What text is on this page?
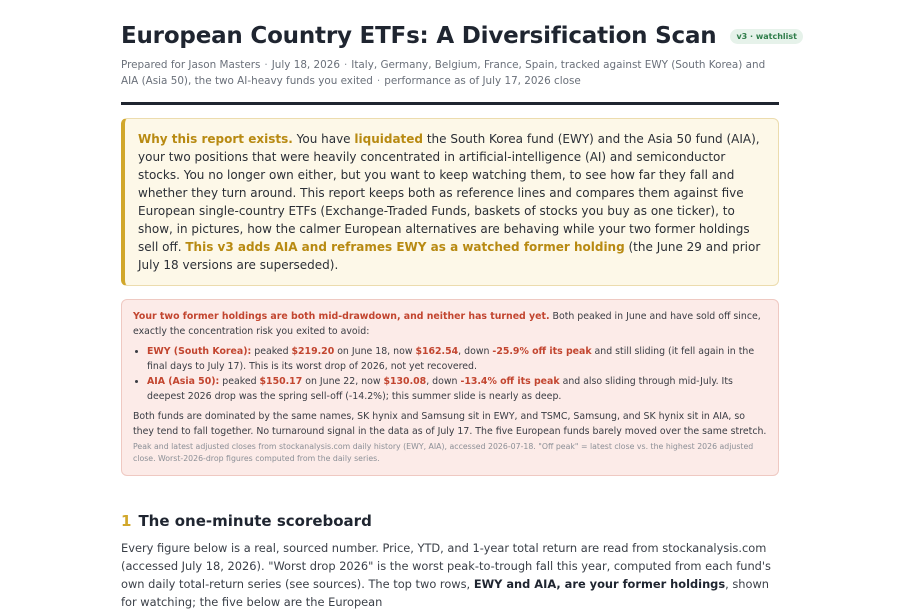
European Country ETFs: A Diversification Scan	v3 · watchlist
Prepared for Jason Masters · July 18, 2026 · Italy, Germany, Belgium, France, Spain, tracked against EWY (South Korea) and AIA (Asia 50), the two AI-heavy funds you exited · performance as of July 17, 2026 close
Why this report exists. You have liquidated the South Korea fund (EWY) and the Asia 50 fund (AIA), your two positions that were heavily concentrated in artificial-intelligence (AI) and semiconductor stocks. You no longer own either, but you want to keep watching them, to see how far they fall and whether they turn around. This report keeps both as reference lines and compares them against five European single-country ETFs (Exchange-Traded Funds, baskets of stocks you buy as one ticker), to show, in pictures, how the calmer European alternatives are behaving while your two former holdings sell off. This v3 adds AIA and reframes EWY as a watched former holding (the June 29 and prior July 18 versions are superseded).

Your two former holdings are both mid-drawdown, and neither has turned yet. Both peaked in June and have sold off since, exactly the concentration risk you exited to avoid:

• EWY (South Korea): peaked $219.20 on June 18, now $162.54, down -25.9% off its peak and still sliding (it fell again in the final days to July 17). This is its worst drop of 2026, not yet recovered.
• AIA (Asia 50): peaked $150.17 on June 22, now $130.08, down -13.4% off its peak and also sliding through mid-July. Its deepest 2026 drop was the spring sell-off (-14.2%); this summer slide is nearly as deep.

Both funds are dominated by the same names, SK hynix and Samsung sit in EWY, and TSMC, Samsung, and SK hynix sit in AIA, so they tend to fall together. No turnaround signal in the data as of July 17. The five European funds barely moved over the same stretch.

Peak and latest adjusted closes from stockanalysis.com daily history (EWY, AIA), accessed 2026-07-18. "Off peak" = latest close vs. the highest 2026 adjusted close. Worst-2026-drop figures computed from the daily series.

1 The one-minute scoreboard
Every figure below is a real, sourced number. Price, YTD, and 1-year total return are read from stockanalysis.com (accessed July 18, 2026). "Worst drop 2026" is the worst peak-to-trough fall this year, computed from each fund's own daily total-return series (see sources). The top two rows, EWY and AIA, are your former holdings, shown for watching; the five below are the European
